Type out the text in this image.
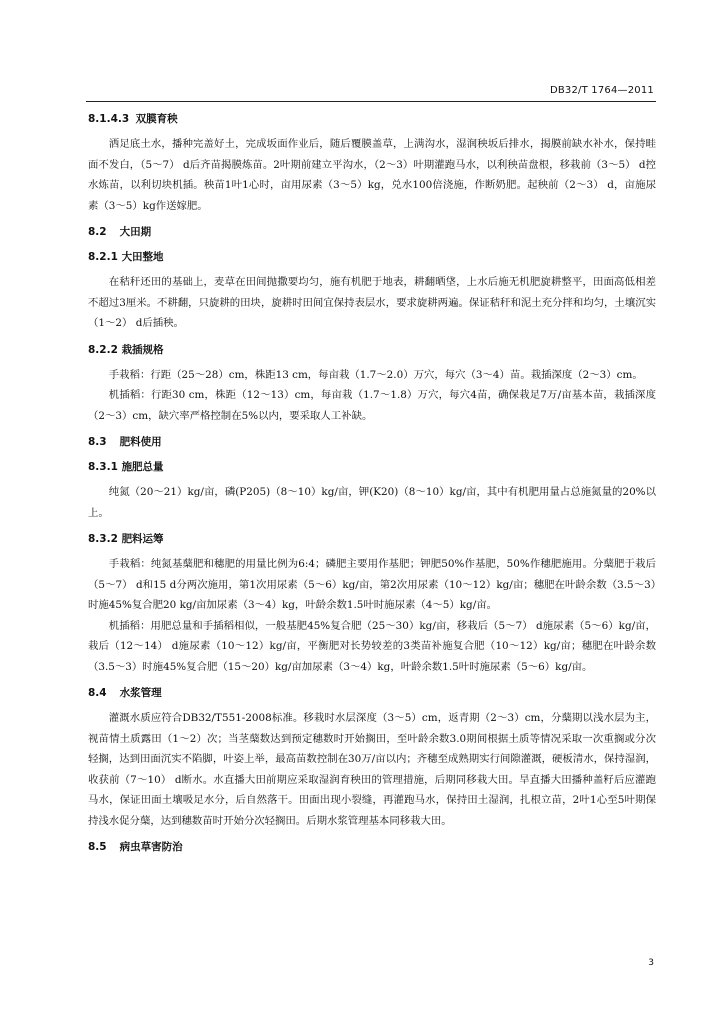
DB32/T 1764—2011
8.1.4.3 双膜育秧

洒足底土水，播种完盖好土，完成坂面作业后，随后覆膜盖草，上满沟水，湿润秧坂后排水，揭膜前缺水补水，保持畦面不发白，（5～7） d后齐苗揭膜炼苗。2叶期前建立平沟水，（2～3）叶期灌跑马水，以利秧苗盘根，移栽前（3～5） d控水炼苗，以利切块机插。秧苗1叶1心时，亩用尿素（3～5）kg，兑水100倍浇施，作断奶肥。起秧前（2～3） d，亩施尿素（3～5）kg作送嫁肥。

8.2 大田期
8.2.1 大田整地

在秸秆还田的基础上，麦草在田间抛撒要均匀，施有机肥于地表，耕翻晒垡，上水后施无机肥旋耕整平，田面高低相差不超过3厘米。不耕翻，只旋耕的田块，旋耕时田间宜保持表层水，要求旋耕两遍。保证秸秆和泥土充分拌和均匀，土壤沉实（1～2） d后插秧。

8.2.2 栽插规格

手栽稻：行距（25～28）cm，株距13 cm，每亩栽（1.7～2.0）万穴，每穴（3～4）苗。栽插深度（2～3）cm。

机插稻：行距30 cm，株距（12～13）cm，每亩栽（1.7～1.8）万穴，每穴4苗，确保栽足7万/亩基本苗，栽插深度（2～3）cm，缺穴率严格控制在5%以内，要采取人工补缺。

8.3 肥料使用
8.3.1 施肥总量

纯氮（20～21）kg/亩，磷(P205)（8～10）kg/亩，钾(K20)（8～10）kg/亩，其中有机肥用量占总施氮量的20%以上。

8.3.2 肥料运筹

手栽稻：纯氮基蘖肥和穗肥的用量比例为6:4；磷肥主要用作基肥；钾肥50%作基肥，50%作穗肥施用。分蘖肥于栽后（5～7） d和15 d分两次施用，第1次用尿素（5～6）kg/亩，第2次用尿素（10～12）kg/亩；穗肥在叶龄余数（3.5～3）时施45%复合肥20 kg/亩加尿素（3～4）kg，叶龄余数1.5叶时施尿素（4～5）kg/亩。

机插稻：用肥总量和手插稻相似，一般基肥45%复合肥（25～30）kg/亩，移栽后（5～7） d施尿素（5～6）kg/亩，栽后（12～14） d施尿素（10～12）kg/亩，平衡肥对长势较差的3类苗补施复合肥（10～12）kg/亩；穗肥在叶龄余数（3.5～3）时施45%复合肥（15～20）kg/亩加尿素（3～4）kg，叶龄余数1.5叶时施尿素（5～6）kg/亩。

8.4 水浆管理

灌溉水质应符合DB32/T551-2008标准。移栽时水层深度（3～5）cm，返青期（2～3）cm，分蘖期以浅水层为主，视苗情土质露田（1～2）次；当茎蘖数达到预定穗数时开始搁田，至叶龄余数3.0期间根据土质等情况采取一次重搁或分次轻搁，达到田面沉实不陷脚，叶姿上举，最高苗数控制在30万/亩以内；齐穗至成熟期实行间隙灌溉，硬板清水，保持湿润，收获前（7～10） d断水。水直播大田前期应采取湿润育秧田的管理措施，后期同移栽大田。旱直播大田播种盖籽后应灌跑马水，保证田面土壤吸足水分，后自然落干。田面出现小裂缝，再灌跑马水，保持田土湿润，扎根立苗，2叶1心至5叶期保持浅水促分蘖，达到穗数苗时开始分次轻搁田。后期水浆管理基本同移栽大田。

8.5 病虫草害防治
3
